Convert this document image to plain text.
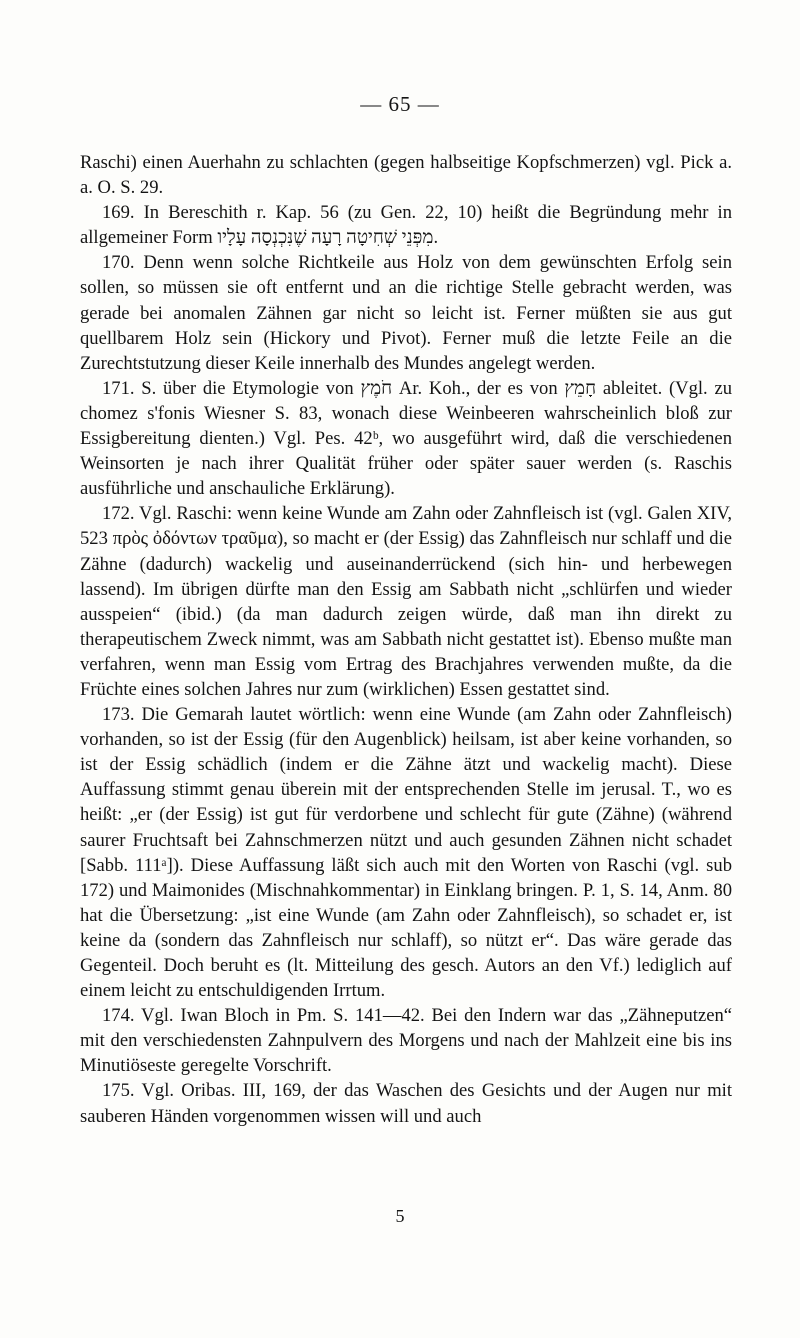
— 65 —

Raschi) einen Auerhahn zu schlachten (gegen halbseitige Kopfschmerzen) vgl. Pick a. a. O. S. 29.

169. In Bereschith r. Kap. 56 (zu Gen. 22, 10) heißt die Begründung mehr in allgemeiner Form מִפְּנֵי שְׁחִיטָה רָעָה שֶׁנִּכְנְסָה עָלָיו.

170. Denn wenn solche Richtkeile aus Holz von dem gewünschten Erfolg sein sollen, so müssen sie oft entfernt und an die richtige Stelle gebracht werden, was gerade bei anomalen Zähnen gar nicht so leicht ist. Ferner müßten sie aus gut quellbarem Holz sein (Hickory und Pivot). Ferner muß die letzte Feile an die Zurechtstutzung dieser Keile innerhalb des Mundes angelegt werden.

171. S. über die Etymologie von חֹמֶץ Ar. Koh., der es von חָמֵץ ableitet. (Vgl. zu chomez s'fonis Wiesner S. 83, wonach diese Weinbeeren wahrscheinlich bloß zur Essigbereitung dienten.) Vgl. Pes. 42ᵇ, wo ausgeführt wird, daß die verschiedenen Weinsorten je nach ihrer Qualität früher oder später sauer werden (s. Raschis ausführliche und anschauliche Erklärung).

172. Vgl. Raschi: wenn keine Wunde am Zahn oder Zahnfleisch ist (vgl. Galen XIV, 523 πρὸς ὀδόντων τραῦμα), so macht er (der Essig) das Zahnfleisch nur schlaff und die Zähne (dadurch) wackelig und auseinanderrückend (sich hin- und herbewegen lassend). Im übrigen dürfte man den Essig am Sabbath nicht „schlürfen und wieder ausspeien“ (ibid.) (da man dadurch zeigen würde, daß man ihn direkt zu therapeutischem Zweck nimmt, was am Sabbath nicht gestattet ist). Ebenso mußte man verfahren, wenn man Essig vom Ertrag des Brachjahres verwenden mußte, da die Früchte eines solchen Jahres nur zum (wirklichen) Essen gestattet sind.

173. Die Gemarah lautet wörtlich: wenn eine Wunde (am Zahn oder Zahnfleisch) vorhanden, so ist der Essig (für den Augenblick) heilsam, ist aber keine vorhanden, so ist der Essig schädlich (indem er die Zähne ätzt und wackelig macht). Diese Auffassung stimmt genau überein mit der entsprechenden Stelle im jerusal. T., wo es heißt: „er (der Essig) ist gut für verdorbene und schlecht für gute (Zähne) (während saurer Fruchtsaft bei Zahnschmerzen nützt und auch gesunden Zähnen nicht schadet [Sabb. 111ᵃ]). Diese Auffassung läßt sich auch mit den Worten von Raschi (vgl. sub 172) und Maimonides (Mischnahkommentar) in Einklang bringen. P. 1, S. 14, Anm. 80 hat die Übersetzung: „ist eine Wunde (am Zahn oder Zahnfleisch), so schadet er, ist keine da (sondern das Zahnfleisch nur schlaff), so nützt er“. Das wäre gerade das Gegenteil. Doch beruht es (lt. Mitteilung des gesch. Autors an den Vf.) lediglich auf einem leicht zu entschuldigenden Irrtum.

174. Vgl. Iwan Bloch in Pm. S. 141—42. Bei den Indern war das „Zähneputzen“ mit den verschiedensten Zahnpulvern des Morgens und nach der Mahlzeit eine bis ins Minutiöseste geregelte Vorschrift.

175. Vgl. Oribas. III, 169, der das Waschen des Gesichts und der Augen nur mit sauberen Händen vorgenommen wissen will und auch

5
